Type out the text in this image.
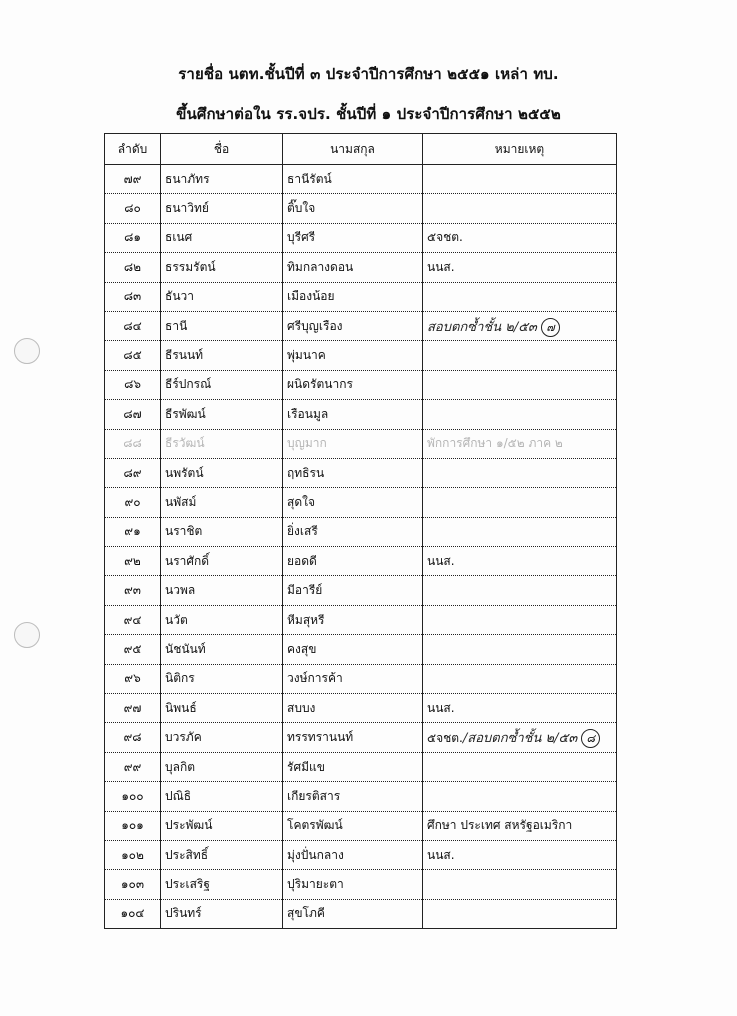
รายชื่อ นตท.ชั้นปีที่ ๓ ประจำปีการศึกษา ๒๕๕๑ เหล่า ทบ.
ขึ้นศึกษาต่อใน รร.จปร. ชั้นปีที่ ๑ ประจำปีการศึกษา ๒๕๕๒
ลำดับ	ชื่อ	นามสกุล	หมายเหตุ
๗๙	ธนาภัทร	ธานีรัตน์	
๘๐	ธนาวิทย์	ติ๊บใจ	
๘๑	ธเนศ	บุรีศรี	๕จชต.
๘๒	ธรรมรัตน์	ทิมกลางดอน	นนส.
๘๓	ธันวา	เมืองน้อย	
๘๔	ธานี	ศรีบุญเรือง	สอบตกซ้ำชั้น ๒/๕๓ ๗
๘๕	ธีรนนท์	พุ่มนาค	
๘๖	ธีร์ปกรณ์	ผนิดรัตนากร	
๘๗	ธีรพัฒน์	เรือนมูล	
๘๘	ธีรวัฒน์	บุญมาก	พักการศึกษา ๑/๕๒ ภาค ๒
๘๙	นพรัตน์	ฤทธิรน	
๙๐	นพัสม์	สุดใจ	
๙๑	นราชิต	ยิ่งเสรี	
๙๒	นราศักดิ์	ยอดดี	นนส.
๙๓	นวพล	มีอารีย์	
๙๔	นวัต	หีมสุหรี	
๙๕	นัชนันท์	คงสุข	
๙๖	นิติกร	วงษ์การค้า	
๙๗	นิพนธ์	สบบง	นนส.
๙๘	บวรภัค	ทรรทรานนท์	๕จชต./สอบตกซ้ำชั้น ๒/๕๓ ๘
๙๙	บุลกิต	รัศมีแข	
๑๐๐	ปณิธิ	เกียรติสาร	
๑๐๑	ประพัฒน์	โคตรพัฒน์	ศึกษา ประเทศ สหรัฐอเมริกา
๑๐๒	ประสิทธิ์	มุ่งปั่นกลาง	นนส.
๑๐๓	ประเสริฐ	ปุริมายะตา	
๑๐๔	ปรินทร์	สุขโภคี	
